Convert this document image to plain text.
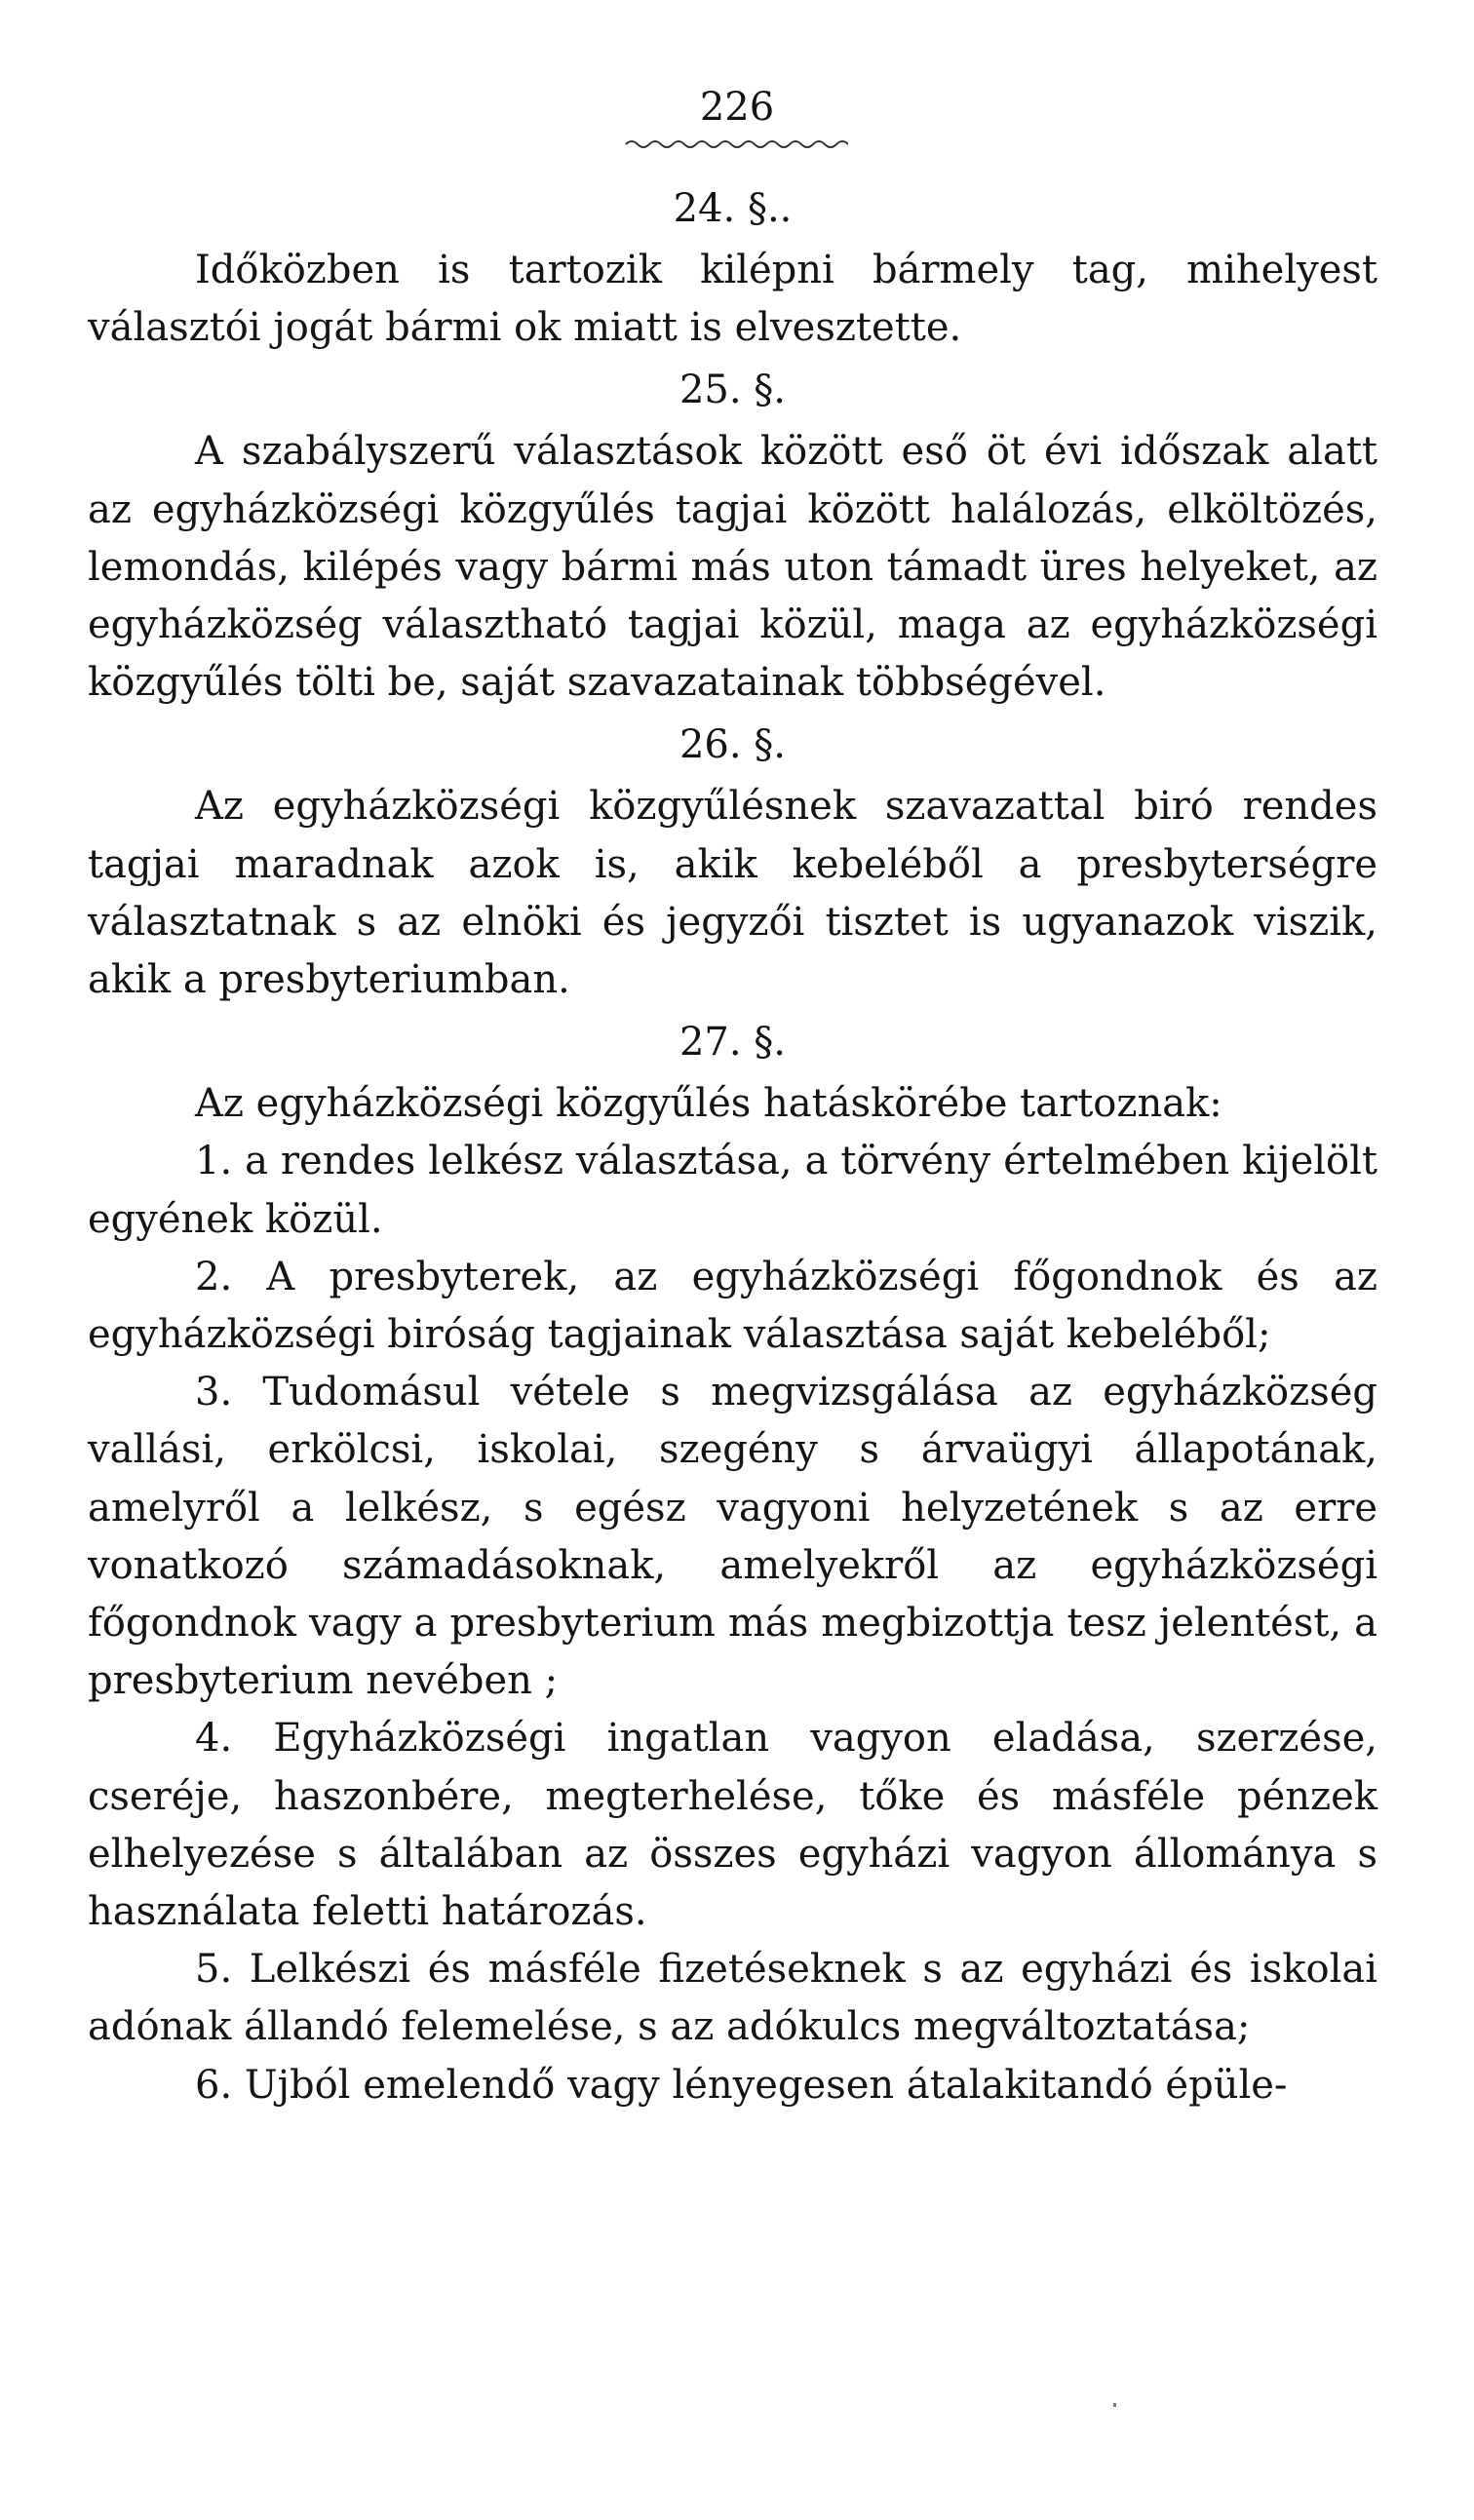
226
24. §..

Időközben is tartozik kilépni bármely tag, mihelyest választói jogát bármi ok miatt is elvesztette.

25. §.

A szabályszerű választások között eső öt évi időszak alatt az egyházközségi közgyűlés tagjai között halálozás, elköltözés, lemondás, kilépés vagy bármi más uton támadt üres helyeket, az egyházközség választható tagjai közül, maga az egyházközségi közgyűlés tölti be, saját szavazatainak többségével.

26. §.

Az egyházközségi közgyűlésnek szavazattal biró rendes tagjai maradnak azok is, akik kebeléből a presbyterségre választatnak s az elnöki és jegyzői tisztet is ugyanazok viszik, akik a presbyteriumban.

27. §.

Az egyházközségi közgyűlés hatáskörébe tartoznak:

1. a rendes lelkész választása, a törvény értelmében kijelölt egyének közül.

2. A presbyterek, az egyházközségi főgondnok és az egyházközségi biróság tagjainak választása saját kebeléből;

3. Tudomásul vétele s megvizsgálása az egyházközség vallási, erkölcsi, iskolai, szegény s árvaügyi állapotának, amelyről a lelkész, s egész vagyoni helyzetének s az erre vonatkozó számadásoknak, amelyekről az egyházközségi főgondnok vagy a presbyterium más megbizottja tesz jelentést, a presbyterium nevében ;

4. Egyházközségi ingatlan vagyon eladása, szerzése, cseréje, haszonbére, megterhelése, tőke és másféle pénzek elhelyezése s általában az összes egyházi vagyon állománya s használata feletti határozás.

5. Lelkészi és másféle fizetéseknek s az egyházi és iskolai adónak állandó felemelése, s az adókulcs megváltoztatása;

6. Ujból emelendő vagy lényegesen átalakitandó épüle-
